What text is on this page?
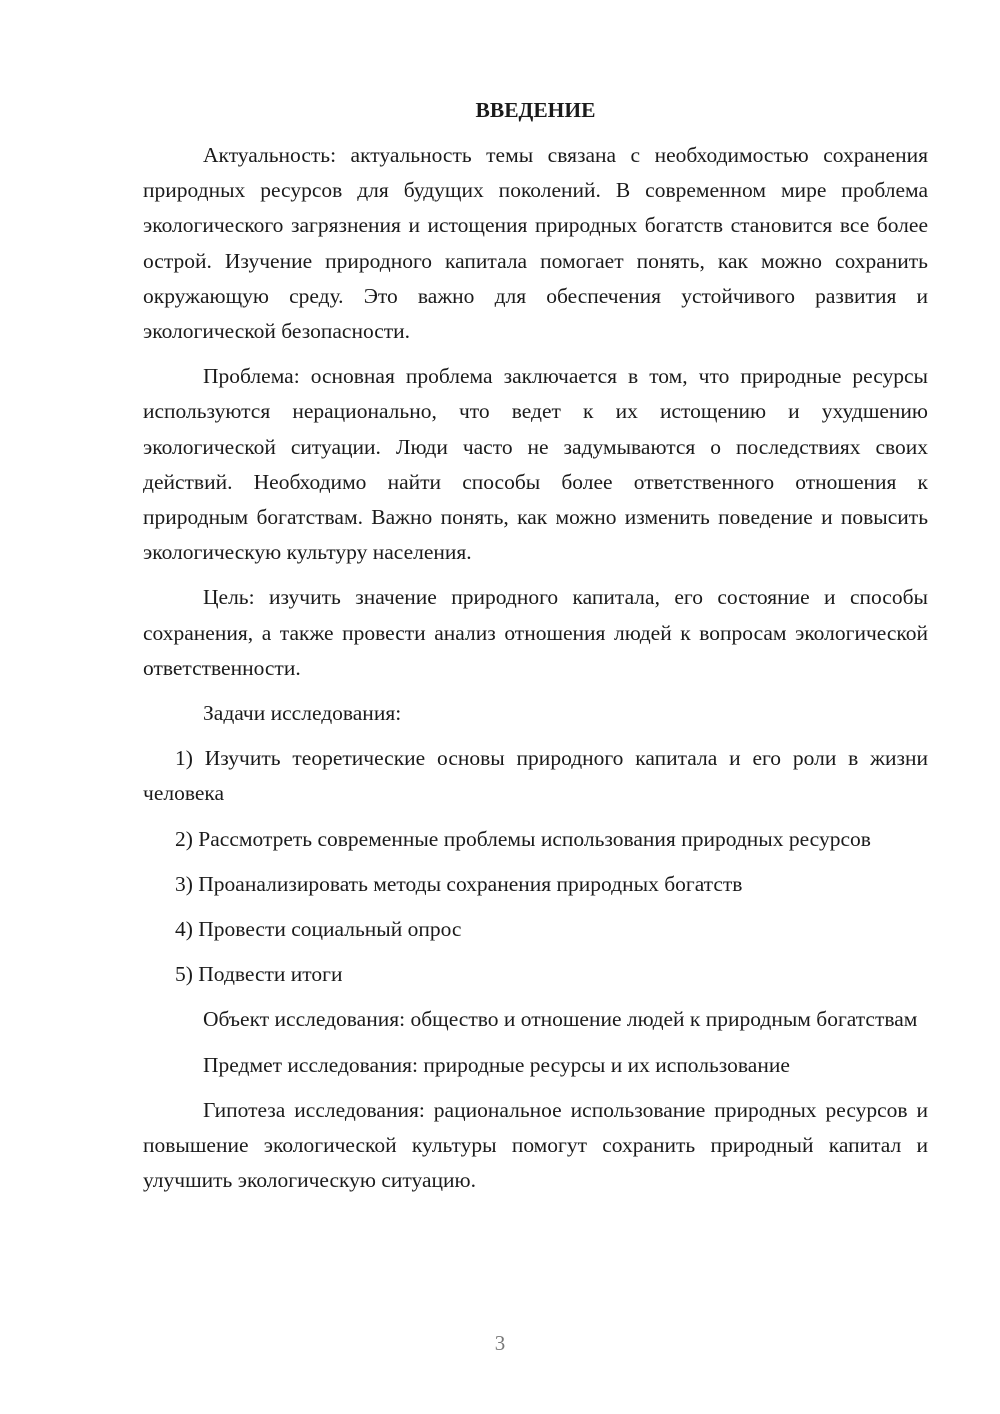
ВВЕДЕНИЕ

Актуальность: актуальность темы связана с необходимостью сохранения природных ресурсов для будущих поколений. В современном мире проблема экологического загрязнения и истощения природных богатств становится все более острой. Изучение природного капитала помогает понять, как можно сохранить окружающую среду. Это важно для обеспечения устойчивого развития и экологической безопасности.

Проблема: основная проблема заключается в том, что природные ресурсы используются нерационально, что ведет к их истощению и ухудшению экологической ситуации. Люди часто не задумываются о последствиях своих действий. Необходимо найти способы более ответственного отношения к природным богатствам. Важно понять, как можно изменить поведение и повысить экологическую культуру населения.

Цель: изучить значение природного капитала, его состояние и способы сохранения, а также провести анализ отношения людей к вопросам экологической ответственности.

Задачи исследования:

1) Изучить теоретические основы природного капитала и его роли в жизни человека

2) Рассмотреть современные проблемы использования природных ресурсов

3) Проанализировать методы сохранения природных богатств

4) Провести социальный опрос

5) Подвести итоги

Объект исследования: общество и отношение людей к природным богатствам

Предмет исследования: природные ресурсы и их использование

Гипотеза исследования: рациональное использование природных ресурсов и повышение экологической культуры помогут сохранить природный капитал и улучшить экологическую ситуацию.

3
